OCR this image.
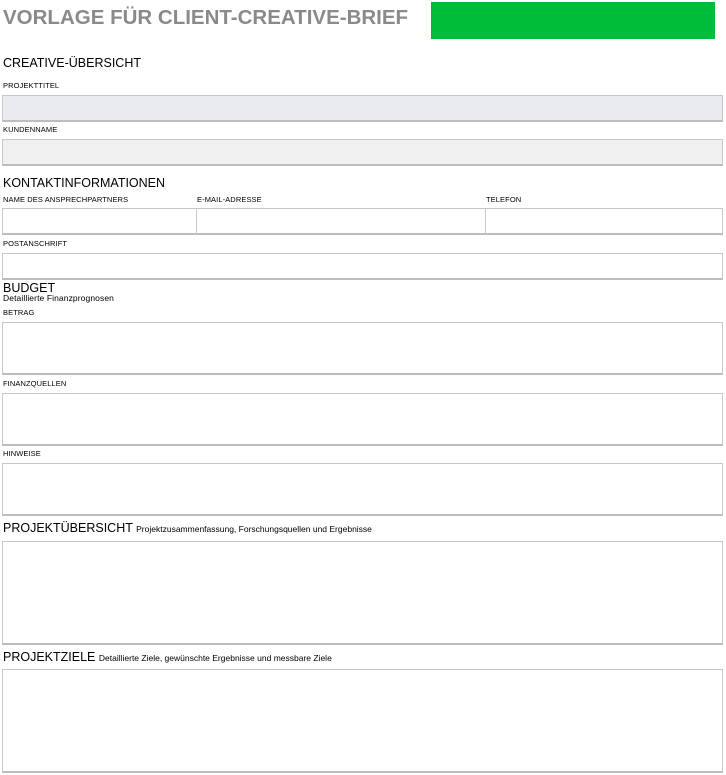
VORLAGE FÜR CLIENT-CREATIVE-BRIEF
CREATIVE-ÜBERSICHT
PROJEKTTITEL
KUNDENNAME
KONTAKTINFORMATIONEN
NAME DES ANSPRECHPARTNERS	E-MAIL-ADRESSE	TELEFON
POSTANSCHRIFT
BUDGET
Detaillierte Finanzprognosen
BETRAG
FINANZQUELLEN
HINWEISE
PROJEKTÜBERSICHT Projektzusammenfassung, Forschungsquellen und Ergebnisse
PROJEKTZIELE Detaillierte Ziele, gewünschte Ergebnisse und messbare Ziele
